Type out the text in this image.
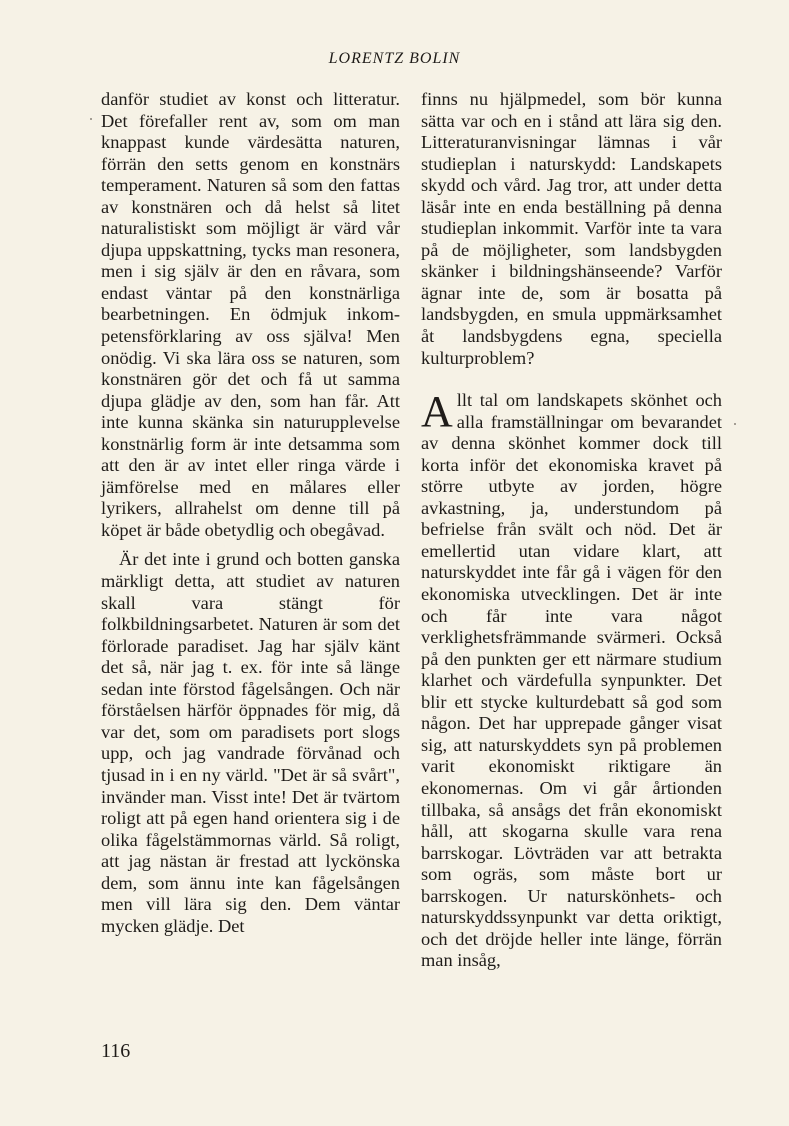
LORENTZ BOLIN

danför studiet av konst och litteratur. Det förefaller rent av, som om man knappast kunde värdesätta naturen, förrän den setts genom en konstnärs temperament. Naturen så som den fattas av konstnären och då helst så litet naturalistiskt som möjligt är värd vår djupa uppskattning, tycks man resonera, men i sig själv är den en råvara, som endast väntar på den konstnärliga bearbetningen. En ödmjuk inkompetensförklaring av oss själva! Men onödig. Vi ska lära oss se naturen, som konstnären gör det och få ut samma djupa glädje av den, som han får. Att inte kunna skänka sin naturupplevelse konstnärlig form är inte detsamma som att den är av intet eller ringa värde i jämförelse med en målares eller lyrikers, allrahelst om denne till på köpet är både obetydlig och obegåvad.

Är det inte i grund och botten ganska märkligt detta, att studiet av naturen skall vara stängt för folkbildningsarbetet. Naturen är som det förlorade paradiset. Jag har själv känt det så, när jag t. ex. för inte så länge sedan inte förstod fågelsången. Och när förståelsen härför öppnades för mig, då var det, som om paradisets port slogs upp, och jag vandrade förvånad och tjusad in i en ny värld. "Det är så svårt", invänder man. Visst inte! Det är tvärtom roligt att på egen hand orientera sig i de olika fågelstämmornas värld. Så roligt, att jag nästan är frestad att lyckönska dem, som ännu inte kan fågelsången men vill lära sig den. Dem väntar mycken glädje. Det

finns nu hjälpmedel, som bör kunna sätta var och en i stånd att lära sig den. Litteraturanvisningar lämnas i vår studieplan i naturskydd: Landskapets skydd och vård. Jag tror, att under detta läsår inte en enda beställning på denna studieplan inkommit. Varför inte ta vara på de möjligheter, som landsbygden skänker i bildningshänseende? Varför ägnar inte de, som är bosatta på landsbygden, en smula uppmärksamhet åt landsbygdens egna, speciella kulturproblem?

Allt tal om landskapets skönhet och alla framställningar om bevarandet av denna skönhet kommer dock till korta inför det ekonomiska kravet på större utbyte av jorden, högre avkastning, ja, understundom på befrielse från svält och nöd. Det är emellertid utan vidare klart, att naturskyddet inte får gå i vägen för den ekonomiska utvecklingen. Det är inte och får inte vara något verklighetsfrämmande svärmeri. Också på den punkten ger ett närmare studium klarhet och värdefulla synpunkter. Det blir ett stycke kulturdebatt så god som någon. Det har upprepade gånger visat sig, att naturskyddets syn på problemen varit ekonomiskt riktigare än ekonomernas. Om vi går årtionden tillbaka, så ansågs det från ekonomiskt håll, att skogarna skulle vara rena barrskogar. Lövträden var att betrakta som ogräs, som måste bort ur barrskogen. Ur naturskönhets- och naturskyddssynpunkt var detta oriktigt, och det dröjde heller inte länge, förrän man insåg,

116
